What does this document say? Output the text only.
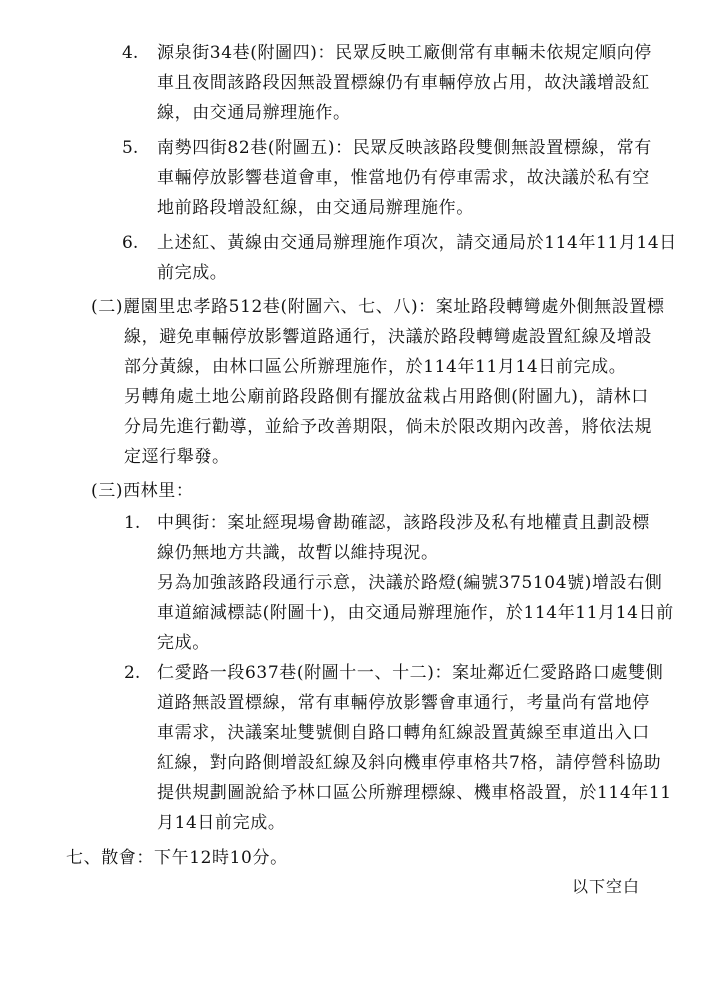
4. 源泉街34巷(附圖四)：民眾反映工廠側常有車輛未依規定順向停
車且夜間該路段因無設置標線仍有車輛停放占用，故決議增設紅
線，由交通局辦理施作。
5. 南勢四街82巷(附圖五)：民眾反映該路段雙側無設置標線，常有
車輛停放影響巷道會車，惟當地仍有停車需求，故決議於私有空
地前路段增設紅線，由交通局辦理施作。
6. 上述紅、黃線由交通局辦理施作項次，請交通局於114年11月14日
前完成。
(二)麗園里忠孝路512巷(附圖六、七、八)：案址路段轉彎處外側無設置標
線，避免車輛停放影響道路通行，決議於路段轉彎處設置紅線及增設
部分黃線，由林口區公所辦理施作，於114年11月14日前完成。
另轉角處土地公廟前路段路側有擺放盆栽占用路側(附圖九)，請林口
分局先進行勸導，並給予改善期限，倘未於限改期內改善，將依法規
定逕行舉發。
(三)西林里：
1. 中興街：案址經現場會勘確認，該路段涉及私有地權責且劃設標
線仍無地方共識，故暫以維持現況。
另為加強該路段通行示意，決議於路燈(編號375104號)增設右側
車道縮減標誌(附圖十)，由交通局辦理施作，於114年11月14日前
完成。
2. 仁愛路一段637巷(附圖十一、十二)：案址鄰近仁愛路路口處雙側
道路無設置標線，常有車輛停放影響會車通行，考量尚有當地停
車需求，決議案址雙號側自路口轉角紅線設置黃線至車道出入口
紅線，對向路側增設紅線及斜向機車停車格共7格，請停營科協助
提供規劃圖說給予林口區公所辦理標線、機車格設置，於114年11
月14日前完成。
七、散會：下午12時10分。
以下空白
